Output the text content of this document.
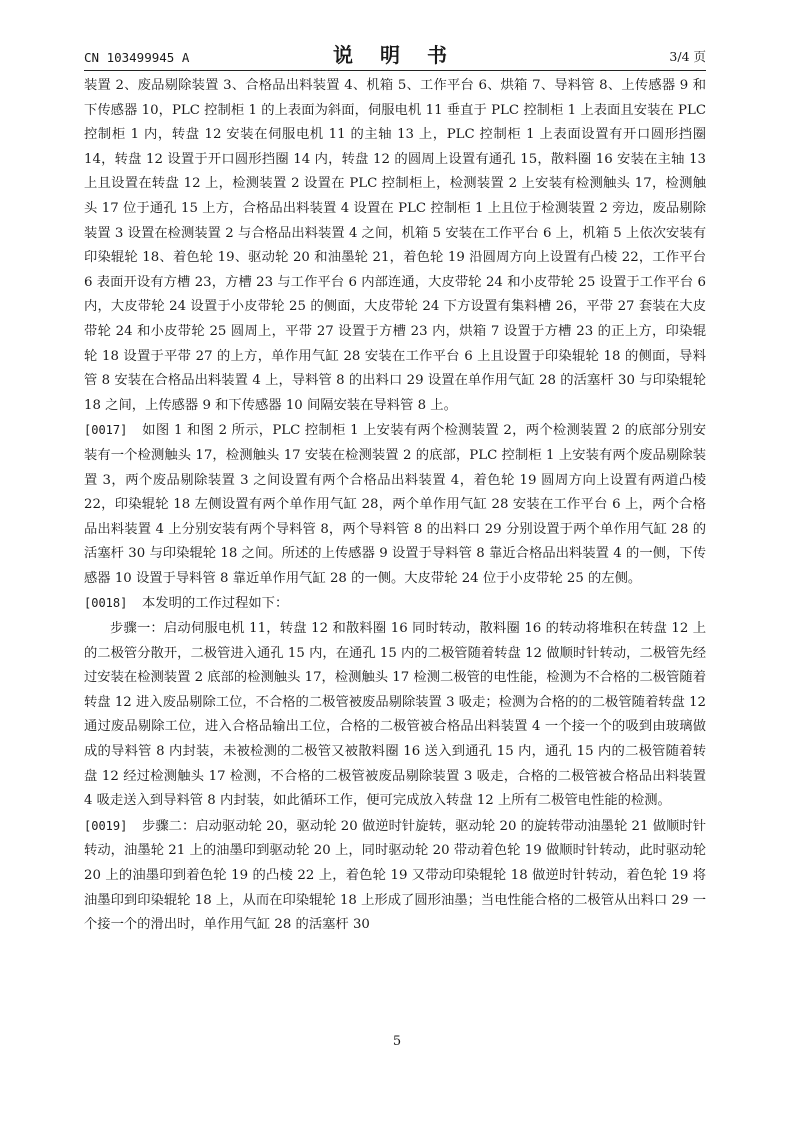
CN 103499945 A	说 明 书	3/4 页

装置 2、废品剔除装置 3、合格品出料装置 4、机箱 5、工作平台 6、烘箱 7、导料管 8、上传感器 9 和下传感器 10，PLC 控制柜 1 的上表面为斜面，伺服电机 11 垂直于 PLC 控制柜 1 上表面且安装在 PLC 控制柜 1 内，转盘 12 安装在伺服电机 11 的主轴 13 上，PLC 控制柜 1 上表面设置有开口圆形挡圈 14，转盘 12 设置于开口圆形挡圈 14 内，转盘 12 的圆周上设置有通孔 15，散料圈 16 安装在主轴 13 上且设置在转盘 12 上，检测装置 2 设置在 PLC 控制柜上，检测装置 2 上安装有检测触头 17，检测触头 17 位于通孔 15 上方，合格品出料装置 4 设置在 PLC 控制柜 1 上且位于检测装置 2 旁边，废品剔除装置 3 设置在检测装置 2 与合格品出料装置 4 之间，机箱 5 安装在工作平台 6 上，机箱 5 上依次安装有印染辊轮 18、着色轮 19、驱动轮 20 和油墨轮 21，着色轮 19 沿圆周方向上设置有凸棱 22，工作平台 6 表面开设有方槽 23，方槽 23 与工作平台 6 内部连通，大皮带轮 24 和小皮带轮 25 设置于工作平台 6 内，大皮带轮 24 设置于小皮带轮 25 的侧面，大皮带轮 24 下方设置有集料槽 26，平带 27 套装在大皮带轮 24 和小皮带轮 25 圆周上，平带 27 设置于方槽 23 内，烘箱 7 设置于方槽 23 的正上方，印染辊轮 18 设置于平带 27 的上方，单作用气缸 28 安装在工作平台 6 上且设置于印染辊轮 18 的侧面，导料管 8 安装在合格品出料装置 4 上，导料管 8 的出料口 29 设置在单作用气缸 28 的活塞杆 30 与印染辊轮 18 之间，上传感器 9 和下传感器 10 间隔安装在导料管 8 上。

[0017] 如图 1 和图 2 所示，PLC 控制柜 1 上安装有两个检测装置 2，两个检测装置 2 的底部分别安装有一个检测触头 17，检测触头 17 安装在检测装置 2 的底部，PLC 控制柜 1 上安装有两个废品剔除装置 3，两个废品剔除装置 3 之间设置有两个合格品出料装置 4，着色轮 19 圆周方向上设置有两道凸棱 22，印染辊轮 18 左侧设置有两个单作用气缸 28，两个单作用气缸 28 安装在工作平台 6 上，两个合格品出料装置 4 上分别安装有两个导料管 8，两个导料管 8 的出料口 29 分别设置于两个单作用气缸 28 的活塞杆 30 与印染辊轮 18 之间。所述的上传感器 9 设置于导料管 8 靠近合格品出料装置 4 的一侧，下传感器 10 设置于导料管 8 靠近单作用气缸 28 的一侧。大皮带轮 24 位于小皮带轮 25 的左侧。

[0018] 本发明的工作过程如下：

步骤一：启动伺服电机 11，转盘 12 和散料圈 16 同时转动，散料圈 16 的转动将堆积在转盘 12 上的二极管分散开，二极管进入通孔 15 内，在通孔 15 内的二极管随着转盘 12 做顺时针转动，二极管先经过安装在检测装置 2 底部的检测触头 17，检测触头 17 检测二极管的电性能，检测为不合格的二极管随着转盘 12 进入废品剔除工位，不合格的二极管被废品剔除装置 3 吸走；检测为合格的的二极管随着转盘 12 通过废品剔除工位，进入合格品输出工位，合格的二极管被合格品出料装置 4 一个接一个的吸到由玻璃做成的导料管 8 内封装，未被检测的二极管又被散料圈 16 送入到通孔 15 内，通孔 15 内的二极管随着转盘 12 经过检测触头 17 检测，不合格的二极管被废品剔除装置 3 吸走，合格的二极管被合格品出料装置 4 吸走送入到导料管 8 内封装，如此循环工作，便可完成放入转盘 12 上所有二极管电性能的检测。

[0019] 步骤二：启动驱动轮 20，驱动轮 20 做逆时针旋转，驱动轮 20 的旋转带动油墨轮 21 做顺时针转动，油墨轮 21 上的油墨印到驱动轮 20 上，同时驱动轮 20 带动着色轮 19 做顺时针转动，此时驱动轮 20 上的油墨印到着色轮 19 的凸棱 22 上，着色轮 19 又带动印染辊轮 18 做逆时针转动，着色轮 19 将油墨印到印染辊轮 18 上，从而在印染辊轮 18 上形成了圆形油墨；当电性能合格的二极管从出料口 29 一个接一个的滑出时，单作用气缸 28 的活塞杆 30

5
